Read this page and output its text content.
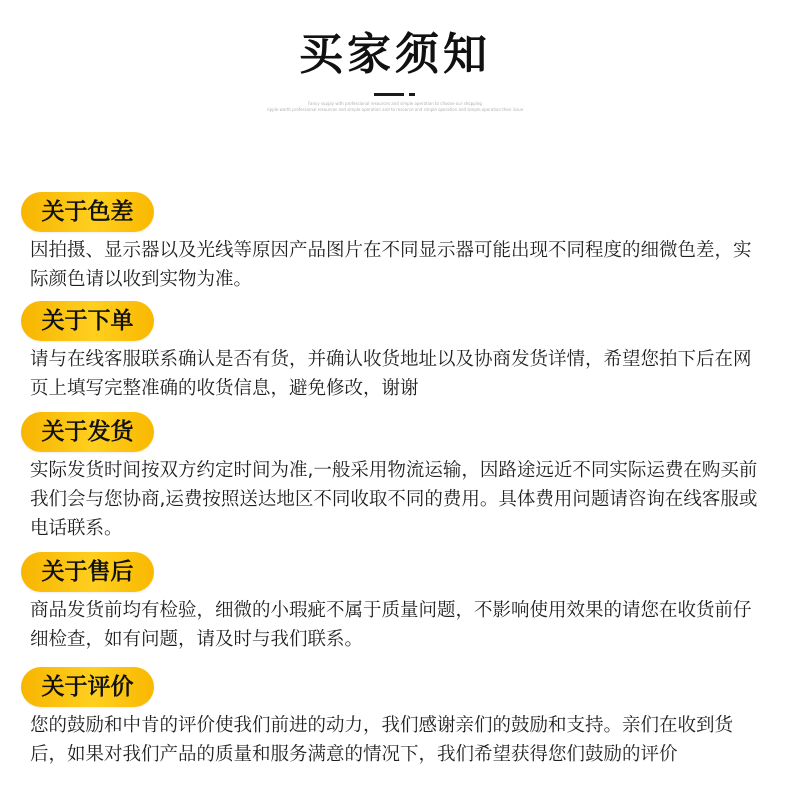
买家须知
Fancy supply with professional resources and simple operation to choose our shopping
ripple worth professional resources and simple operation and to resource and simple operation and simple operation their issue
关于色差

因拍摄、显示器以及光线等原因产品图片在不同显示器可能出现不同程度的细微色差，实际颜色请以收到实物为准。

关于下单

请与在线客服联系确认是否有货，并确认收货地址以及协商发货详情，希望您拍下后在网页上填写完整准确的收货信息，避免修改，谢谢

关于发货

实际发货时间按双方约定时间为准,一般采用物流运输，因路途远近不同实际运费在购买前我们会与您协商,运费按照送达地区不同收取不同的费用。具体费用问题请咨询在线客服或电话联系。

关于售后

商品发货前均有检验，细微的小瑕疵不属于质量问题，不影响使用效果的请您在收货前仔细检查，如有问题，请及时与我们联系。

关于评价

您的鼓励和中肯的评价使我们前进的动力，我们感谢亲们的鼓励和支持。亲们在收到货后，如果对我们产品的质量和服务满意的情况下，我们希望获得您们鼓励的评价
